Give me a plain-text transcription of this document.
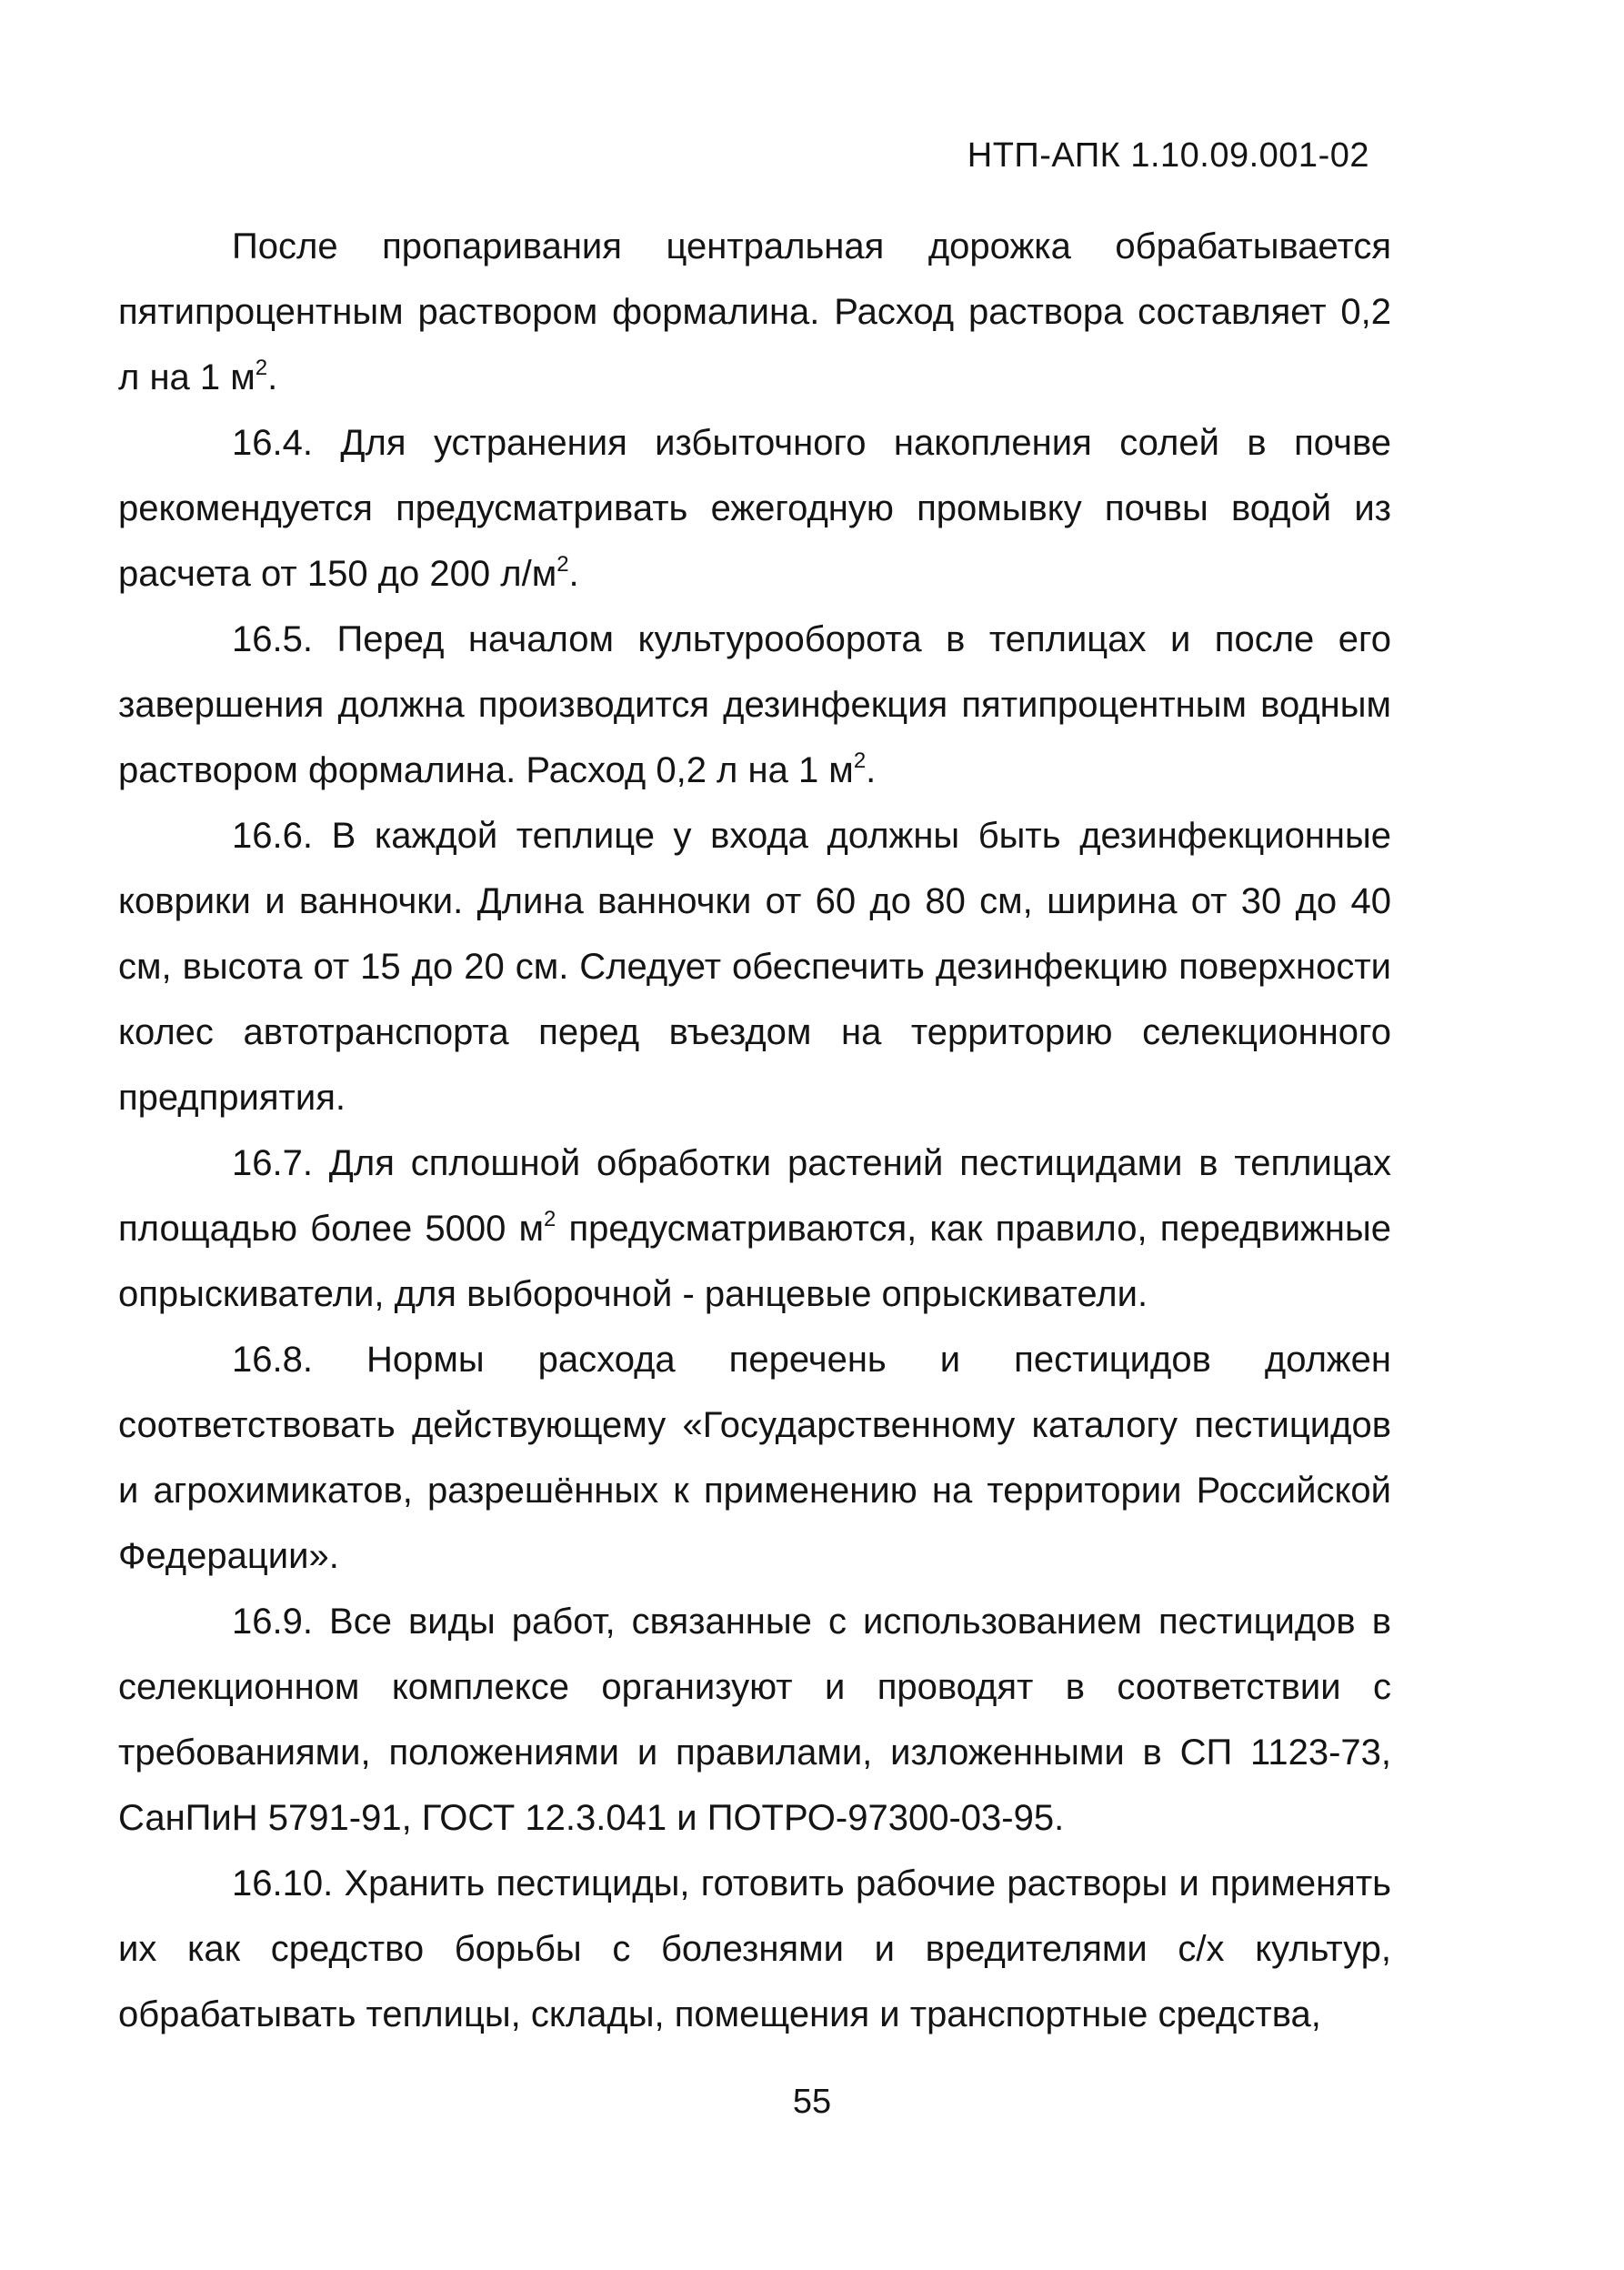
НТП-АПК 1.10.09.001-02

После пропаривания центральная дорожка обрабатывается пятипроцентным раствором формалина. Расход раствора составляет 0,2 л на 1 $м^2$.

16.4. Для устранения избыточного накопления солей в почве рекомендуется предусматривать ежегодную промывку почвы водой из расчета от 150 до 200 $л/м^2$.

16.5. Перед началом культурооборота в теплицах и после его завершения должна производится дезинфекция пятипроцентным водным раствором формалина. Расход 0,2 л на 1 $м^2$.

16.6. В каждой теплице у входа должны быть дезинфекционные коврики и ванночки. Длина ванночки от 60 до 80 см, ширина от 30 до 40 см, высота от 15 до 20 см. Следует обеспечить дезинфекцию поверхности колес автотранспорта перед въездом на территорию селекционного предприятия.

16.7. Для сплошной обработки растений пестицидами в теплицах площадью более 5000 $м^2$ предусматриваются, как правило, передвижные опрыскиватели, для выборочной - ранцевые опрыскиватели.

16.8. Нормы расхода перечень и пестицидов должен соответствовать действующему «Государственному каталогу пестицидов и агрохимикатов, разрешённых к применению на территории Российской Федерации».

16.9. Все виды работ, связанные с использованием пестицидов в селекционном комплексе организуют и проводят в соответствии с требованиями, положениями и правилами, изложенными в СП 1123-73, СанПиН 5791-91, ГОСТ 12.3.041 и ПОТРО-97300-03-95.

16.10. Хранить пестициды, готовить рабочие растворы и применять их как средство борьбы с болезнями и вредителями с/х культур, обрабатывать теплицы, склады, помещения и транспортные средства,

55
